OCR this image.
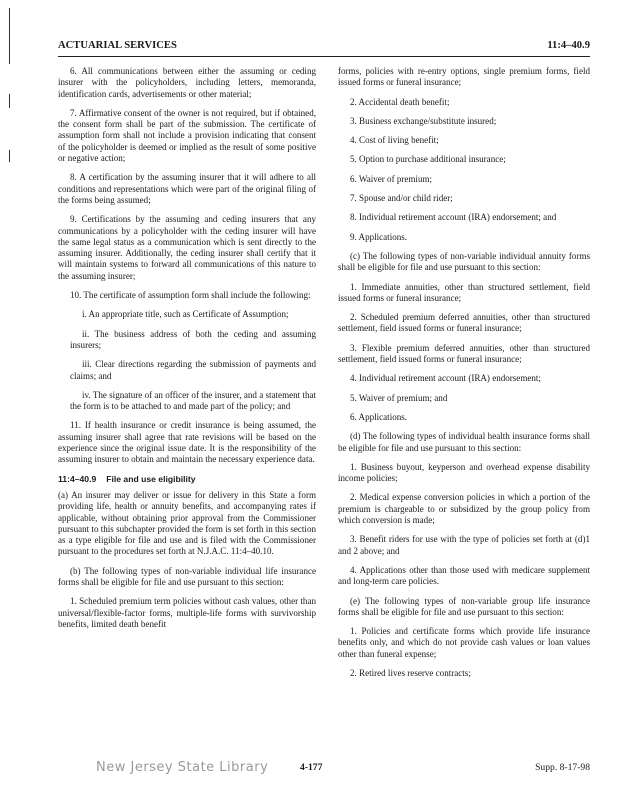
ACTUARIAL SERVICES	11:4–40.9

6. All communications between either the assuming or ceding insurer with the policyholders, including letters, memoranda, identification cards, advertisements or other material;

7. Affirmative consent of the owner is not required, but if obtained, the consent form shall be part of the submission. The certificate of assumption form shall not include a provision indicating that consent of the policyholder is deemed or implied as the result of some positive or negative action;

8. A certification by the assuming insurer that it will adhere to all conditions and representations which were part of the original filing of the forms being assumed;

9. Certifications by the assuming and ceding insurers that any communications by a policyholder with the ceding insurer will have the same legal status as a communication which is sent directly to the assuming insurer. Additionally, the ceding insurer shall certify that it will maintain systems to forward all communications of this nature to the assuming insurer;

10. The certificate of assumption form shall include the following:

i. An appropriate title, such as Certificate of Assumption;

ii. The business address of both the ceding and assuming insurers;

iii. Clear directions regarding the submission of payments and claims; and

iv. The signature of an officer of the insurer, and a statement that the form is to be attached to and made part of the policy; and

11. If health insurance or credit insurance is being assumed, the assuming insurer shall agree that rate revisions will be based on the experience since the original issue date. It is the responsibility of the assuming insurer to obtain and maintain the necessary experience data.

11:4–40.9 File and use eligibility

(a) An insurer may deliver or issue for delivery in this State a form providing life, health or annuity benefits, and accompanying rates if applicable, without obtaining prior approval from the Commissioner pursuant to this subchapter provided the form is set forth in this section as a type eligible for file and use and is filed with the Commissioner pursuant to the procedures set forth at N.J.A.C. 11:4–40.10.

(b) The following types of non-variable individual life insurance forms shall be eligible for file and use pursuant to this section:

1. Scheduled premium term policies without cash values, other than universal/flexible-factor forms, multiple-life forms with survivorship benefits, limited death benefit

forms, policies with re-entry options, single premium forms, field issued forms or funeral insurance;

2. Accidental death benefit;

3. Business exchange/substitute insured;

4. Cost of living benefit;

5. Option to purchase additional insurance;

6. Waiver of premium;

7. Spouse and/or child rider;

8. Individual retirement account (IRA) endorsement; and

9. Applications.

(c) The following types of non-variable individual annuity forms shall be eligible for file and use pursuant to this section:

1. Immediate annuities, other than structured settlement, field issued forms or funeral insurance;

2. Scheduled premium deferred annuities, other than structured settlement, field issued forms or funeral insurance;

3. Flexible premium deferred annuities, other than structured settlement, field issued forms or funeral insurance;

4. Individual retirement account (IRA) endorsement;

5. Waiver of premium; and

6. Applications.

(d) The following types of individual health insurance forms shall be eligible for file and use pursuant to this section:

1. Business buyout, keyperson and overhead expense disability income policies;

2. Medical expense conversion policies in which a portion of the premium is chargeable to or subsidized by the group policy from which conversion is made;

3. Benefit riders for use with the type of policies set forth at (d)1 and 2 above; and

4. Applications other than those used with medicare supplement and long-term care policies.

(e) The following types of non-variable group life insurance forms shall be eligible for file and use pursuant to this section:

1. Policies and certificate forms which provide life insurance benefits only, and which do not provide cash values or loan values other than funeral expense;

2. Retired lives reserve contracts;

New Jersey State Library	4-177	Supp. 8-17-98
